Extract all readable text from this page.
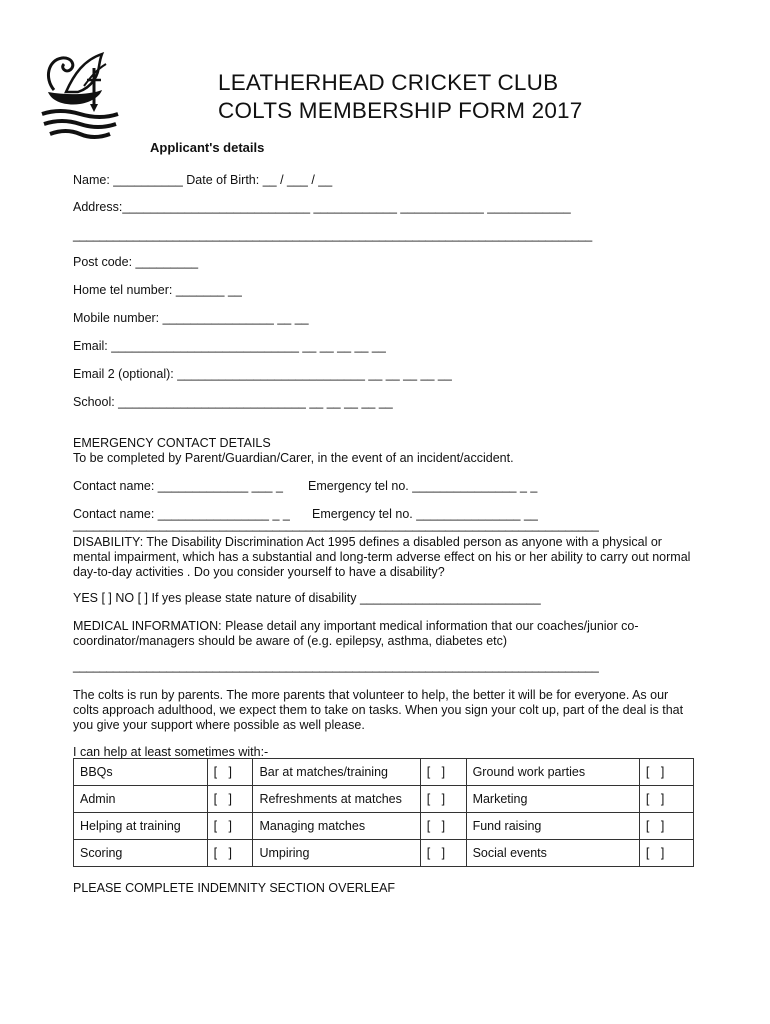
LEATHERHEAD CRICKET CLUB
COLTS MEMBERSHIP FORM 2017
Applicant's details
Name: __________ Date of Birth: __ / ___ / __
Address:___________________________ ____________ ____________ ____________
______________________________________________________________________________
Post code: _________
Home tel number: _______ __
Mobile number: ________________ __ __
Email: ___________________________ __ __ __ __ __
Email 2 (optional): ___________________________ __ __ __ __ __
School: ___________________________ __ __ __ __ __
EMERGENCY CONTACT DETAILS
To be completed by Parent/Guardian/Carer, in the event of an incident/accident.
Contact name: _____________ ___ _ Emergency tel no. _______________ _ _
Contact name: ________________ _ _ Emergency tel no. _______________ __
_______________________________________________________________________________
DISABILITY: The Disability Discrimination Act 1995 defines a disabled person as anyone with a physical or mental impairment, which has a substantial and long-term adverse effect on his or her ability to carry out normal day-to-day activities . Do you consider yourself to have a disability?
YES [ ] NO [ ] If yes please state nature of disability __________________________
MEDICAL INFORMATION: Please detail any important medical information that our coaches/junior co-coordinator/managers should be aware of (e.g. epilepsy, asthma, diabetes etc)
_______________________________________________________________________________
The colts is run by parents. The more parents that volunteer to help, the better it will be for everyone. As our colts approach adulthood, we expect them to take on tasks. When you sign your colt up, part of the deal is that you give your support where possible as well please.
I can help at least sometimes with:-
BBQs	[ ]	Bar at matches/training	[ ]	Ground work parties	[ ]
Admin	[ ]	Refreshments at matches	[ ]	Marketing	[ ]
Helping at training	[ ]	Managing matches	[ ]	Fund raising	[ ]
Scoring	[ ]	Umpiring	[ ]	Social events	[ ]
PLEASE COMPLETE INDEMNITY SECTION OVERLEAF
